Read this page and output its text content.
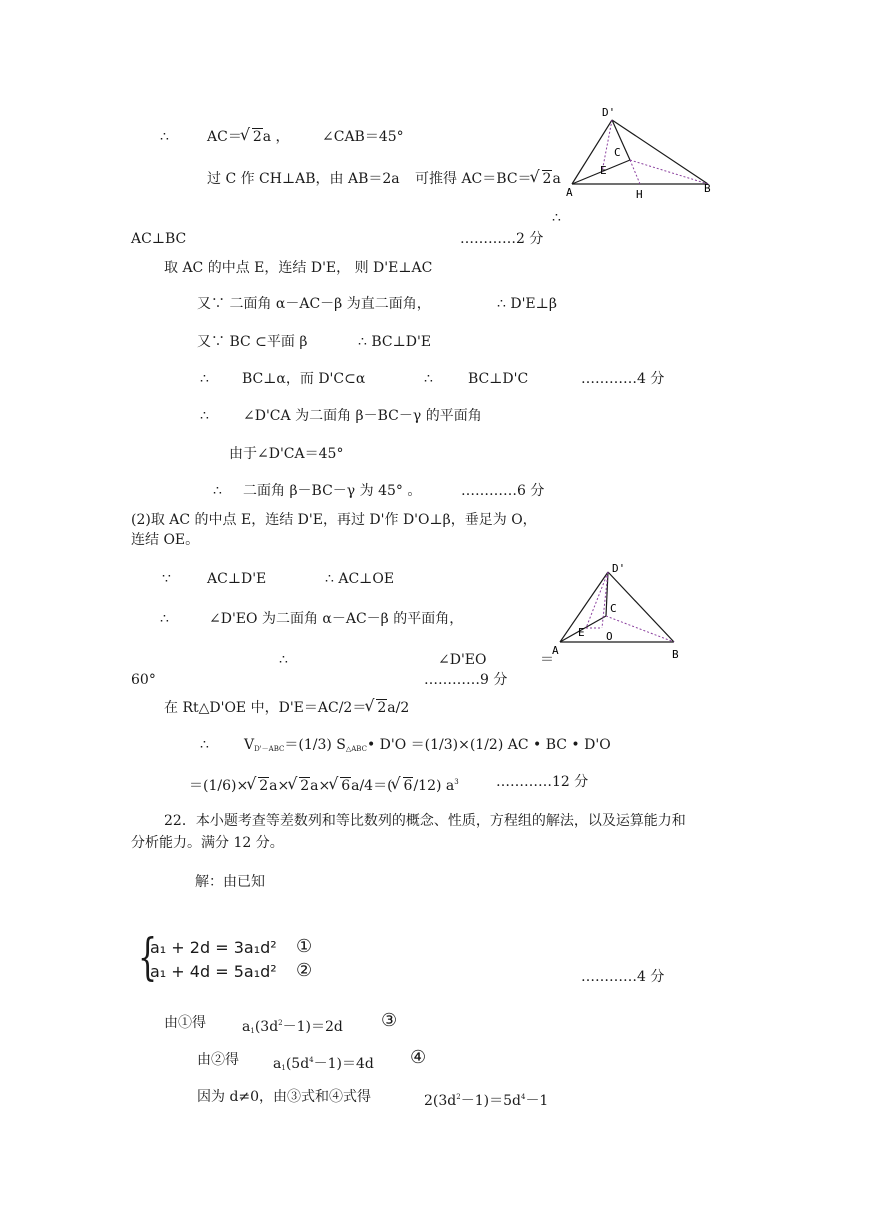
∴	AC＝ √ 2a ， ∠CAB＝45°
过 C 作 CH⊥AB，由 AB＝2a 可推得 AC＝BC＝ √ 2a
∴
AC⊥BC	…………2 分
取 AC 的中点 E，连结 D'E， 则 D'E⊥AC
又∵ 二面角 α－AC－β 为直二面角，	∴ D'E⊥β
又∵ BC ⊂平面 β	∴ BC⊥D'E
∴ BC⊥α，而 D'C⊂α	∴	BC⊥D'C	…………4 分
∴ ∠D'CA 为二面角 β－BC－γ 的平面角
由于∠D'CA＝45°
∴ 二面角 β－BC－γ 为 45° 。	…………6 分
(2)取 AC 的中点 E，连结 D'E，再过 D'作 D'O⊥β，垂足为 O，
连结 OE。
∵	AC⊥D'E	∴ AC⊥OE
∴	∠D'EO 为二面角 α－AC－β 的平面角，
∴	∠D'EO	＝
60°	…………9 分
在 Rt△D'OE 中，D'E＝AC/2＝ √ 2a/2
∴	$V_{D'-ABC}=(1/3)$ $S_{\triangle ABC}•$ D'O ＝(1/3)×(1/2) AC • BC • D'O
＝(1/6)× √ 2a× √ 2a× √ 6a/4＝( √ 6/12) $a^3$	…………12 分
22．本小题考查等差数列和等比数列的概念、性质，方程组的解法，以及运算能力和
分析能力。满分 12 分。
解：由已知
{
a₁ + 2d = 3a₁d²
a₁ + 4d = 5a₁d²
①
②	…………4 分
由①得	$a_1(3d^2-1)=2d$ ③
由②得 $a_1(5d^4-1)=4d$ ④
因为 d≠0，由③式和④式得	$2(3d^2-1)=5d^4-1$
D'
C
E
A	H	B
D'
C
E O
A	B
